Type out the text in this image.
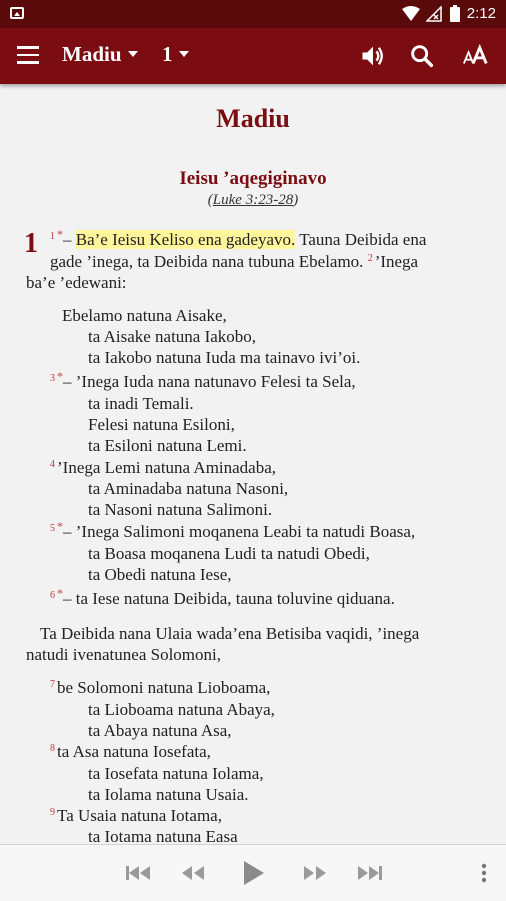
2:12
Madiu	1
Madiu
Ieisu ’aqegiginavo
(Luke 3:23-28)
1 $^1$ *– Ba’e Ieisu Keliso ena gadeyavo. Tauna Deibida ena
gade ’inega, ta Deibida nana tubuna Ebelamo. $^2$ ’Inega
ba’e ’edewani:
Ebelamo natuna Aisake,
ta Aisake natuna Iakobo,
ta Iakobo natuna Iuda ma tainavo ivi’oi.
$^3$ *– ’Inega Iuda nana natunavo Felesi ta Sela,
ta inadi Temali.
Felesi natuna Esiloni,
ta Esiloni natuna Lemi.
$^4$ ’Inega Lemi natuna Aminadaba,
ta Aminadaba natuna Nasoni,
ta Nasoni natuna Salimoni.
$^5$ *– ’Inega Salimoni moqanena Leabi ta natudi Boasa,
ta Boasa moqanena Ludi ta natudi Obedi,
ta Obedi natuna Iese,
$^6$ *– ta Iese natuna Deibida, tauna toluvine qiduana.
Ta Deibida nana Ulaia wada’ena Betisiba vaqidi, ’inega
natudi ivenatunea Solomoni,
$^7$ be Solomoni natuna Lioboama,
ta Lioboama natuna Abaya,
ta Abaya natuna Asa,
$^8$ ta Asa natuna Iosefata,
ta Iosefata natuna Iolama,
ta Iolama natuna Usaia.
$^9$ Ta Usaia natuna Iotama,
ta Iotama natuna Easa
